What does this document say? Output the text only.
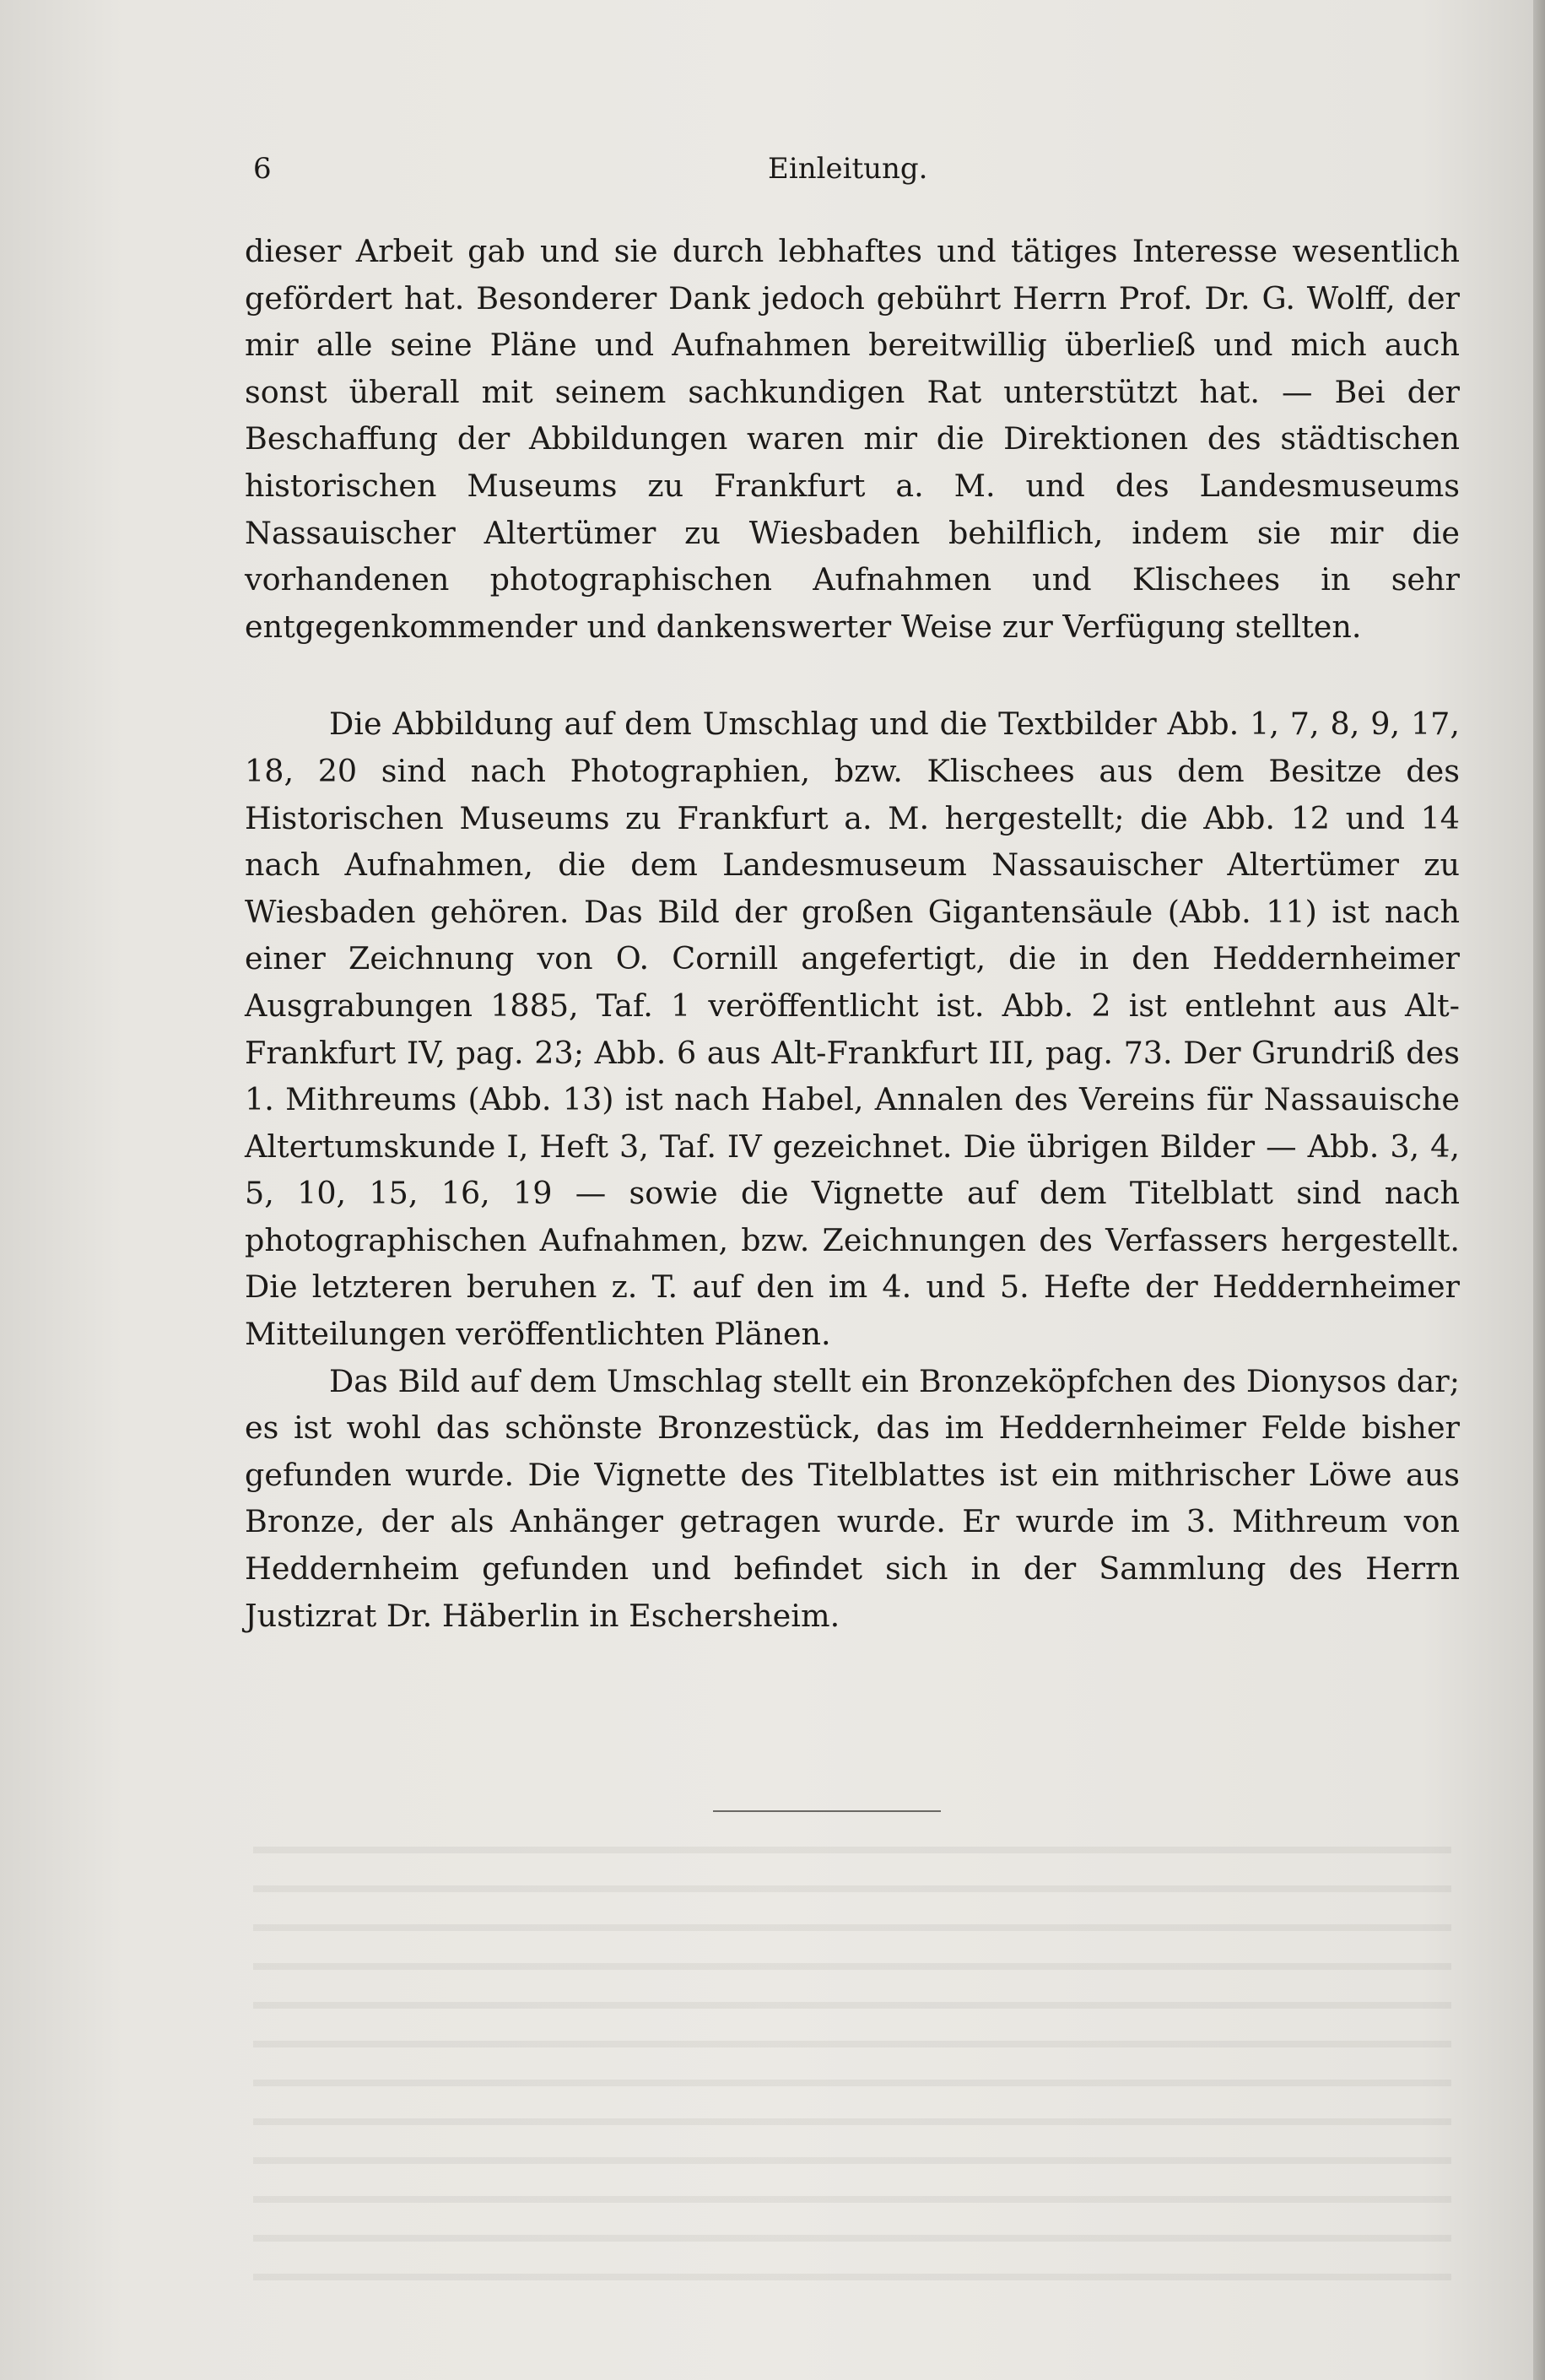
6	Einleitung.

dieser Arbeit gab und sie durch lebhaftes und tätiges Interesse wesentlich gefördert hat. Besonderer Dank jedoch gebührt Herrn Prof. Dr. G. Wolff, der mir alle seine Pläne und Aufnahmen bereitwillig überließ und mich auch sonst überall mit seinem sachkundigen Rat unterstützt hat. — Bei der Beschaffung der Abbildungen waren mir die Direktionen des städtischen historischen Museums zu Frankfurt a. M. und des Landesmuseums Nassauischer Altertümer zu Wiesbaden behilflich, indem sie mir die vorhandenen photographischen Aufnahmen und Klischees in sehr entgegenkommender und dankenswerter Weise zur Verfügung stellten.

Die Abbildung auf dem Umschlag und die Textbilder Abb. 1, 7, 8, 9, 17, 18, 20 sind nach Photographien, bzw. Klischees aus dem Besitze des Historischen Museums zu Frankfurt a. M. hergestellt; die Abb. 12 und 14 nach Aufnahmen, die dem Landesmuseum Nassauischer Altertümer zu Wiesbaden gehören. Das Bild der großen Gigantensäule (Abb. 11) ist nach einer Zeichnung von O. Cornill angefertigt, die in den Heddernheimer Ausgrabungen 1885, Taf. 1 veröffentlicht ist. Abb. 2 ist entlehnt aus Alt-Frankfurt IV, pag. 23; Abb. 6 aus Alt-Frankfurt III, pag. 73. Der Grundriß des 1. Mithreums (Abb. 13) ist nach Habel, Annalen des Vereins für Nassauische Altertumskunde I, Heft 3, Taf. IV gezeichnet. Die übrigen Bilder — Abb. 3, 4, 5, 10, 15, 16, 19 — sowie die Vignette auf dem Titelblatt sind nach photographischen Aufnahmen, bzw. Zeichnungen des Verfassers hergestellt. Die letzteren beruhen z. T. auf den im 4. und 5. Hefte der Heddernheimer Mitteilungen veröffentlichten Plänen.

Das Bild auf dem Umschlag stellt ein Bronzeköpfchen des Dionysos dar; es ist wohl das schönste Bronzestück, das im Heddernheimer Felde bisher gefunden wurde. Die Vignette des Titelblattes ist ein mithrischer Löwe aus Bronze, der als Anhänger getragen wurde. Er wurde im 3. Mithreum von Heddernheim gefunden und befindet sich in der Sammlung des Herrn Justizrat Dr. Häberlin in Eschersheim.
